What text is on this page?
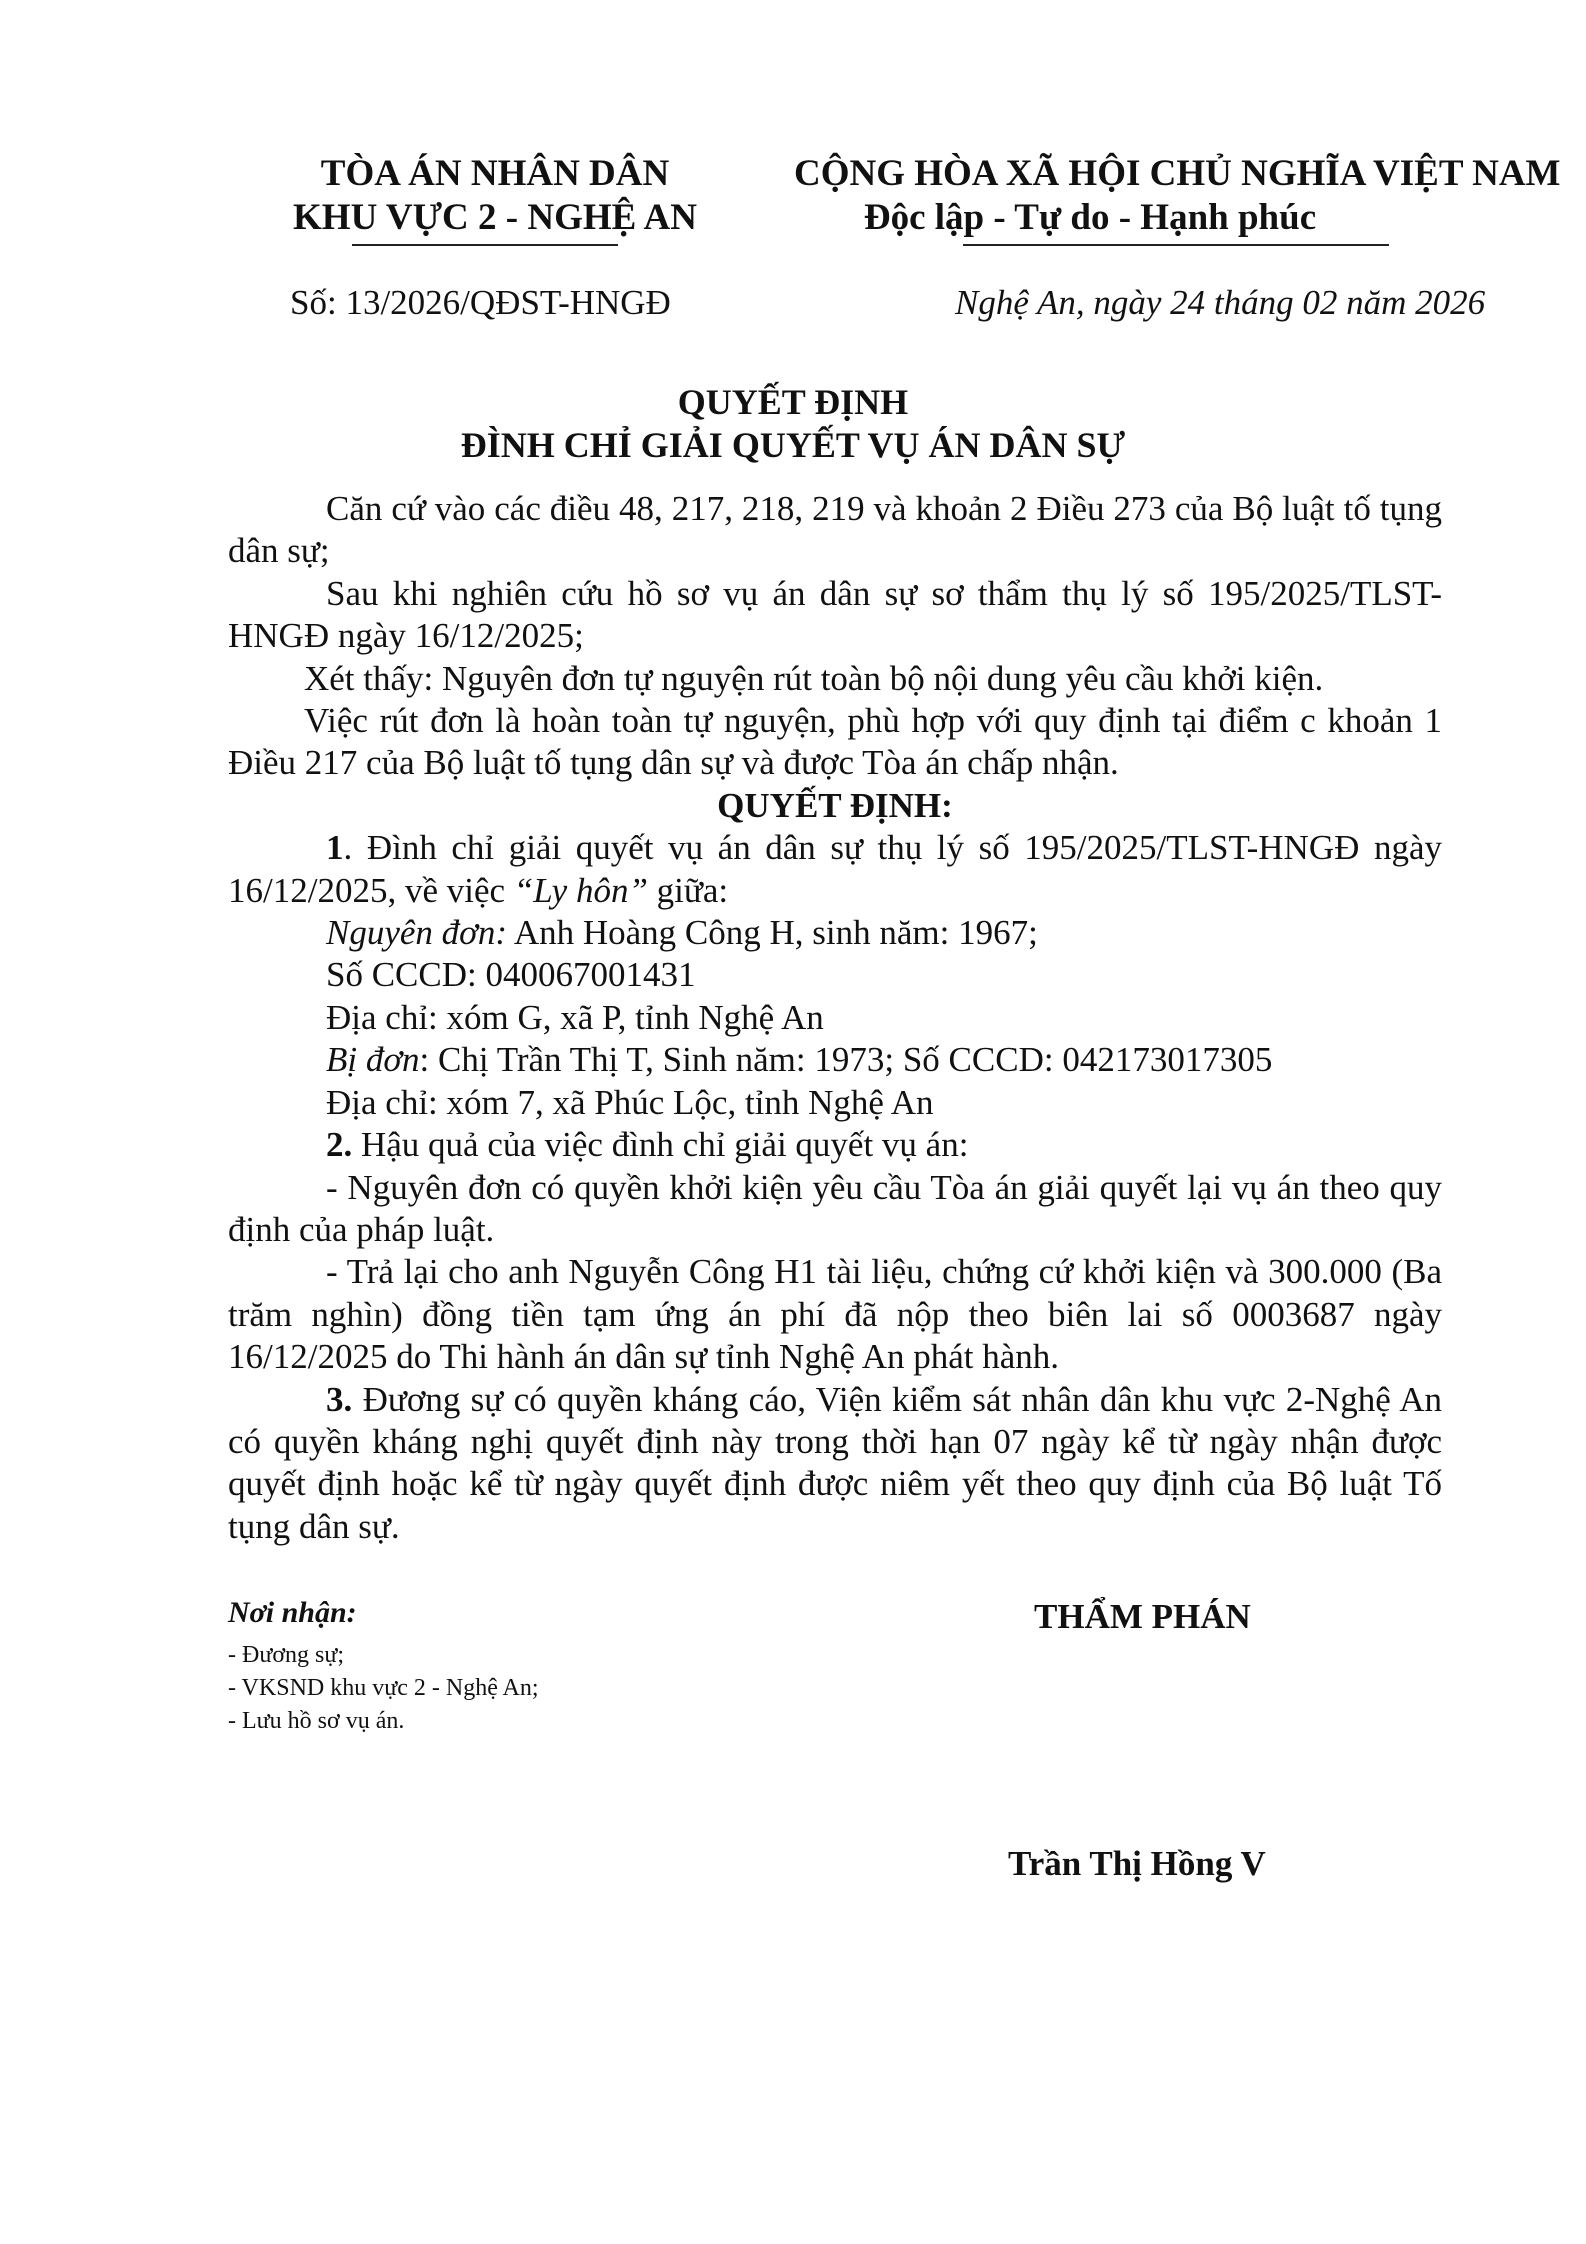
TÒA ÁN NHÂN DÂN
KHU VỰC 2 - NGHỆ AN
CỘNG HÒA XÃ HỘI CHỦ NGHĨA VIỆT NAM
Độc lập - Tự do - Hạnh phúc
Số: 13/2026/QĐST-HNGĐ	Nghệ An, ngày 24 tháng 02 năm 2026
QUYẾT ĐỊNH
ĐÌNH CHỈ GIẢI QUYẾT VỤ ÁN DÂN SỰ

Căn cứ vào các điều 48, 217, 218, 219 và khoản 2 Điều 273 của Bộ luật tố tụng dân sự;

Sau khi nghiên cứu hồ sơ vụ án dân sự sơ thẩm thụ lý số 195/2025/TLST-HNGĐ ngày 16/12/2025;

Xét thấy: Nguyên đơn tự nguyện rút toàn bộ nội dung yêu cầu khởi kiện.

Việc rút đơn là hoàn toàn tự nguyện, phù hợp với quy định tại điểm c khoản 1 Điều 217 của Bộ luật tố tụng dân sự và được Tòa án chấp nhận.

QUYẾT ĐỊNH:

1. Đình chỉ giải quyết vụ án dân sự thụ lý số 195/2025/TLST-HNGĐ ngày 16/12/2025, về việc “Ly hôn” giữa:

Nguyên đơn: Anh Hoàng Công H, sinh năm: 1967;

Số CCCD: 040067001431

Địa chỉ: xóm G, xã P, tỉnh Nghệ An

Bị đơn: Chị Trần Thị T, Sinh năm: 1973; Số CCCD: 042173017305

Địa chỉ: xóm 7, xã Phúc Lộc, tỉnh Nghệ An

2. Hậu quả của việc đình chỉ giải quyết vụ án:

- Nguyên đơn có quyền khởi kiện yêu cầu Tòa án giải quyết lại vụ án theo quy định của pháp luật.

- Trả lại cho anh Nguyễn Công H1 tài liệu, chứng cứ khởi kiện và 300.000 (Ba trăm nghìn) đồng tiền tạm ứng án phí đã nộp theo biên lai số 0003687 ngày 16/12/2025 do Thi hành án dân sự tỉnh Nghệ An phát hành.

3. Đương sự có quyền kháng cáo, Viện kiểm sát nhân dân khu vực 2-Nghệ An có quyền kháng nghị quyết định này trong thời hạn 07 ngày kể từ ngày nhận được quyết định hoặc kể từ ngày quyết định được niêm yết theo quy định của Bộ luật Tố tụng dân sự.

Nơi nhận:
- Đương sự;
- VKSND khu vực 2 - Nghệ An;
- Lưu hồ sơ vụ án.
THẨM PHÁN
Trần Thị Hồng V
